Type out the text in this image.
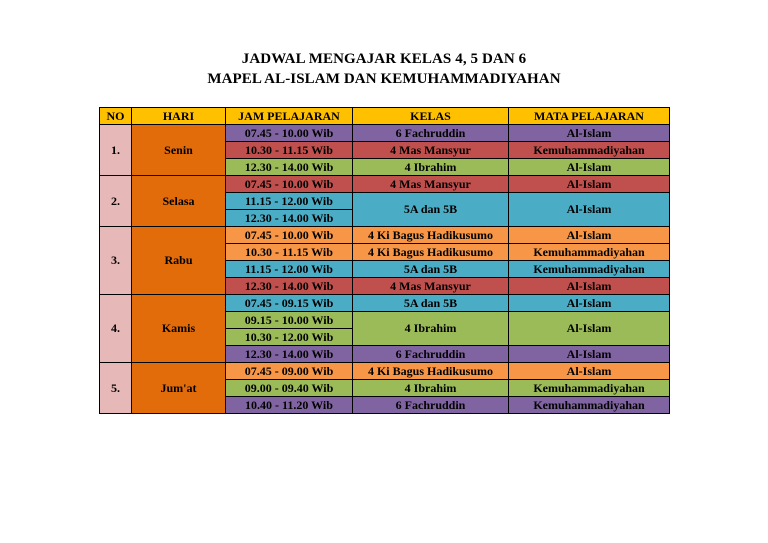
JADWAL MENGAJAR KELAS 4, 5 DAN 6
MAPEL AL-ISLAM DAN KEMUHAMMADIYAHAN
NO	HARI	JAM PELAJARAN	KELAS	MATA PELAJARAN
1.	Senin	07.45 - 10.00 Wib	6 Fachruddin	Al-Islam
		10.30 - 11.15 Wib	4 Mas Mansyur	Kemuhammadiyahan
		12.30 - 14.00 Wib	4 Ibrahim	Al-Islam
2.	Selasa	07.45 - 10.00 Wib	4 Mas Mansyur	Al-Islam
		11.15 - 12.00 Wib	5A dan 5B	Al-Islam
		12.30 - 14.00 Wib		
3.	Rabu	07.45 - 10.00 Wib	4 Ki Bagus Hadikusumo	Al-Islam
		10.30 - 11.15 Wib	4 Ki Bagus Hadikusumo	Kemuhammadiyahan
		11.15 - 12.00 Wib	5A dan 5B	Kemuhammadiyahan
		12.30 - 14.00 Wib	4 Mas Mansyur	Al-Islam
4.	Kamis	07.45 - 09.15 Wib	5A dan 5B	Al-Islam
		09.15 - 10.00 Wib	4 Ibrahim	Al-Islam
		10.30 - 12.00 Wib		
		12.30 - 14.00 Wib	6 Fachruddin	Al-Islam
5.	Jum'at	07.45 - 09.00 Wib	4 Ki Bagus Hadikusumo	Al-Islam
		09.00 - 09.40 Wib	4 Ibrahim	Kemuhammadiyahan
		10.40 - 11.20 Wib	6 Fachruddin	Kemuhammadiyahan
